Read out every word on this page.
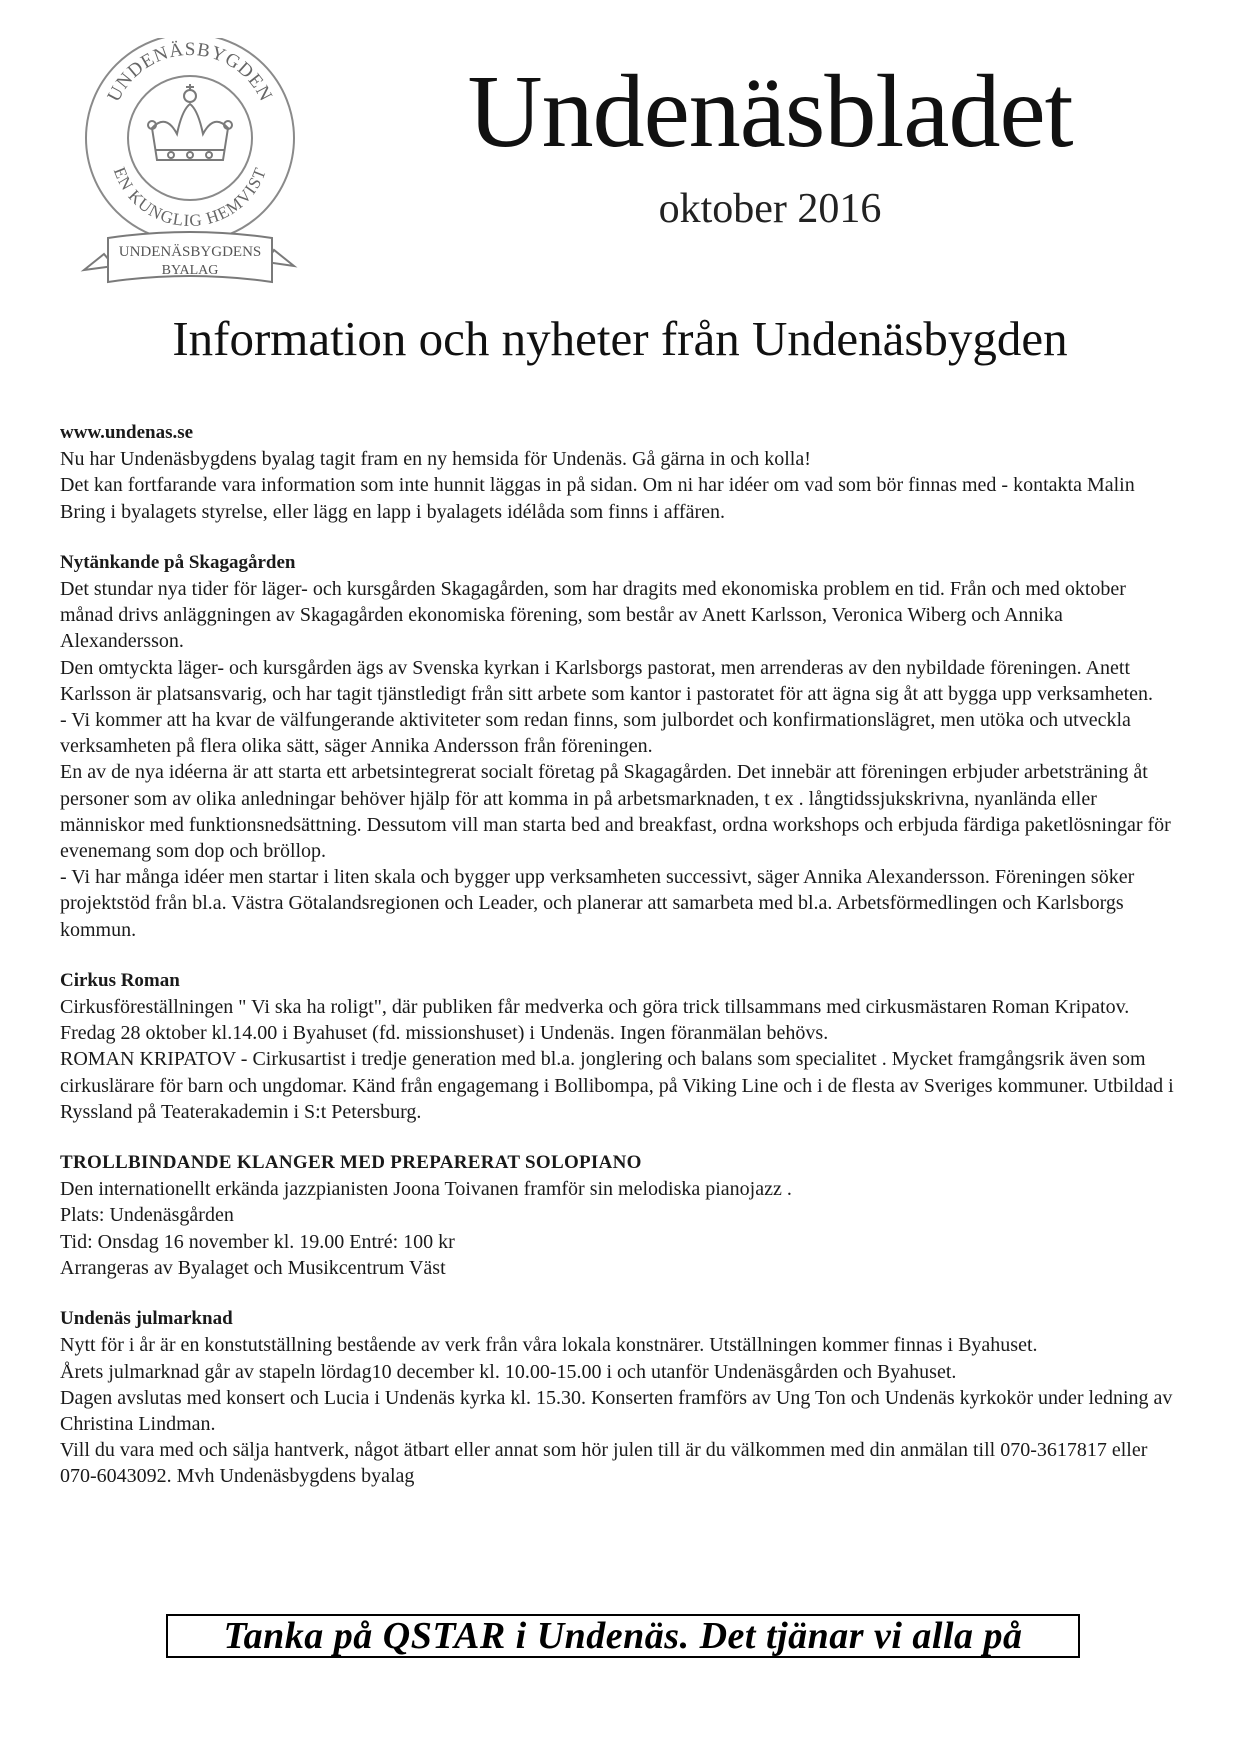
UNDENÄSBYGDEN
EN KUNGLIG HEMVIST
UNDENÄSBYGDENS
BYALAG
Undenäsbladet
oktober 2016
Information och nyheter från Undenäsbygden
www.undenas.se

Nu har Undenäsbygdens byalag tagit fram en ny hemsida för Undenäs. Gå gärna in och kolla!

Det kan fortfarande vara information som inte hunnit läggas in på sidan. Om ni har idéer om vad som bör finnas med - kontakta Malin Bring i byalagets styrelse, eller lägg en lapp i byalagets idélåda som finns i affären.

Nytänkande på Skagagården

Det stundar nya tider för läger- och kursgården Skagagården, som har dragits med ekonomiska problem en tid. Från och med oktober månad drivs anläggningen av Skagagården ekonomiska förening, som består av Anett Karlsson, Veronica Wiberg och Annika Alexandersson.

Den omtyckta läger- och kursgården ägs av Svenska kyrkan i Karlsborgs pastorat, men arrenderas av den nybildade föreningen. Anett Karlsson är platsansvarig, och har tagit tjänstledigt från sitt arbete som kantor i pastoratet för att ägna sig åt att bygga upp verksamheten.

- Vi kommer att ha kvar de välfungerande aktiviteter som redan finns, som julbordet och konfirmationslägret, men utöka och utveckla verksamheten på flera olika sätt, säger Annika Andersson från föreningen.

En av de nya idéerna är att starta ett arbetsintegrerat socialt företag på Skagagården. Det innebär att föreningen erbjuder arbetsträning åt personer som av olika anledningar behöver hjälp för att komma in på arbetsmarknaden, t ex . långtidssjukskrivna, nyanlända eller människor med funktionsnedsättning. Dessutom vill man starta bed and breakfast, ordna workshops och erbjuda färdiga paketlösningar för evenemang som dop och bröllop.

- Vi har många idéer men startar i liten skala och bygger upp verksamheten successivt, säger Annika Alexandersson. Föreningen söker projektstöd från bl.a. Västra Götalandsregionen och Leader, och planerar att samarbeta med bl.a. Arbetsförmedlingen och Karlsborgs kommun.

Cirkus Roman

Cirkusföreställningen " Vi ska ha roligt", där publiken får medverka och göra trick tillsammans med cirkusmästaren Roman Kripatov.

Fredag 28 oktober kl.14.00 i Byahuset (fd. missionshuset) i Undenäs. Ingen föranmälan behövs.

ROMAN KRIPATOV - Cirkusartist i tredje generation med bl.a. jonglering och balans som specialitet . Mycket framgångsrik även som cirkuslärare för barn och ungdomar. Känd från engagemang i Bollibompa, på Viking Line och i de flesta av Sveriges kommuner. Utbildad i Ryssland på Teaterakademin i S:t Petersburg.

TROLLBINDANDE KLANGER MED PREPARERAT SOLOPIANO

Den internationellt erkända jazzpianisten Joona Toivanen framför sin melodiska pianojazz .

Plats: Undenäsgården

Tid: Onsdag 16 november kl. 19.00 Entré: 100 kr

Arrangeras av Byalaget och Musikcentrum Väst

Undenäs julmarknad

Nytt för i år är en konstutställning bestående av verk från våra lokala konstnärer. Utställningen kommer finnas i Byahuset.

Årets julmarknad går av stapeln lördag10 december kl. 10.00-15.00 i och utanför Undenäsgården och Byahuset.

Dagen avslutas med konsert och Lucia i Undenäs kyrka kl. 15.30. Konserten framförs av Ung Ton och Undenäs kyrkokör under ledning av Christina Lindman.

Vill du vara med och sälja hantverk, något ätbart eller annat som hör julen till är du välkommen med din anmälan till 070-3617817 eller 070-6043092. Mvh Undenäsbygdens byalag

Tanka på QSTAR i Undenäs. Det tjänar vi alla på
